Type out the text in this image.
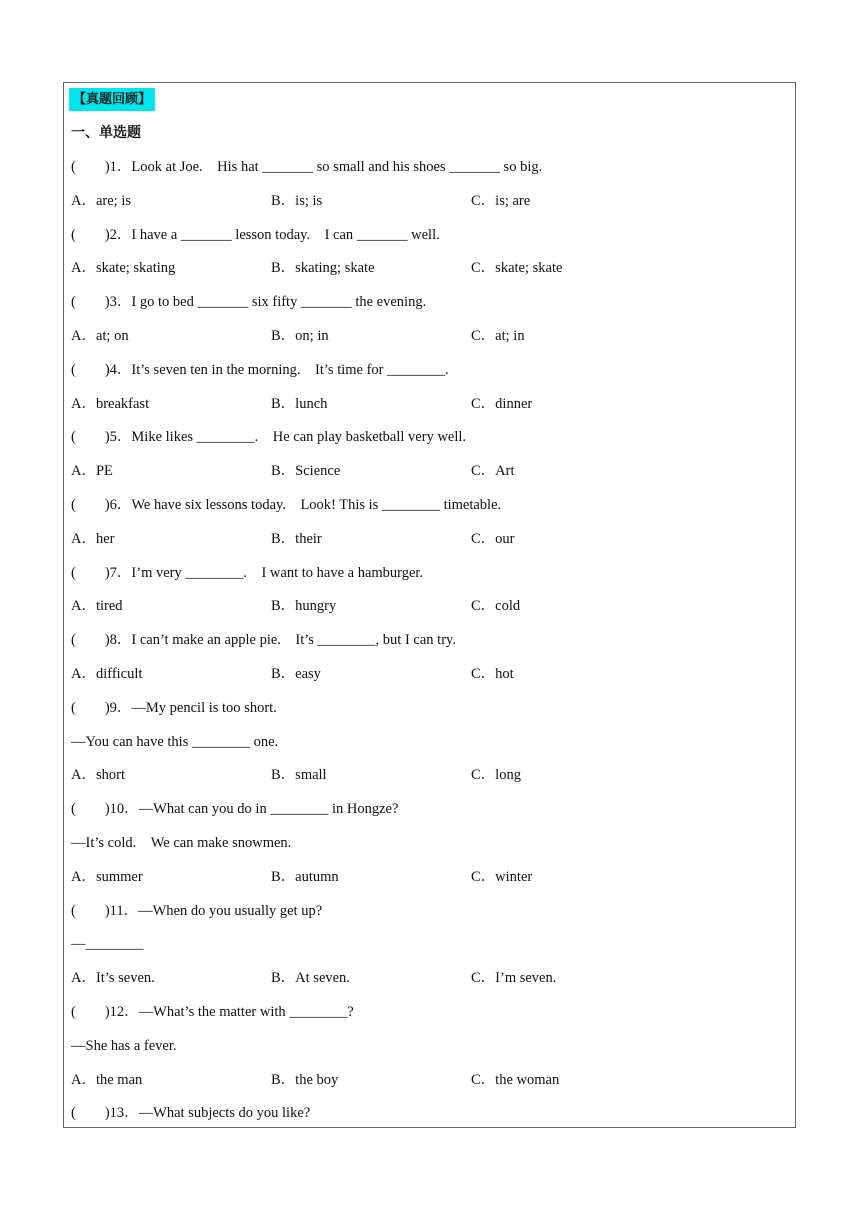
【真题回顾】
一、单选题
(　　)1．Look at Joe.　His hat _______ so small and his shoes _______ so big.
A．are; is	B．is; is	C．is; are
(　　)2．I have a _______ lesson today.　I can _______ well.
A．skate; skating	B．skating; skate	C．skate; skate
(　　)3．I go to bed _______ six fifty _______ the evening.
A．at; on	B．on; in	C．at; in
(　　)4．It’s seven ten in the morning.　It’s time for ________.
A．breakfast	B．lunch	C．dinner
(　　)5．Mike likes ________.　He can play basketball very well.
A．PE	B．Science	C．Art
(　　)6．We have six lessons today.　Look! This is ________ timetable.
A．her	B．their	C．our
(　　)7．I’m very ________.　I want to have a hamburger.
A．tired	B．hungry	C．cold
(　　)8．I can’t make an apple pie.　It’s ________, but I can try.
A．difficult	B．easy	C．hot
(　　)9．—My pencil is too short.
—You can have this ________ one.
A．short	B．small	C．long
(　　)10．—What can you do in ________ in Hongze?
—It’s cold.　We can make snowmen.
A．summer	B．autumn	C．winter
(　　)11．—When do you usually get up?
—________
A．It’s seven.	B．At seven.	C．I’m seven.
(　　)12．—What’s the matter with ________?
—She has a fever.
A．the man	B．the boy	C．the woman
(　　)13．—What subjects do you like?
